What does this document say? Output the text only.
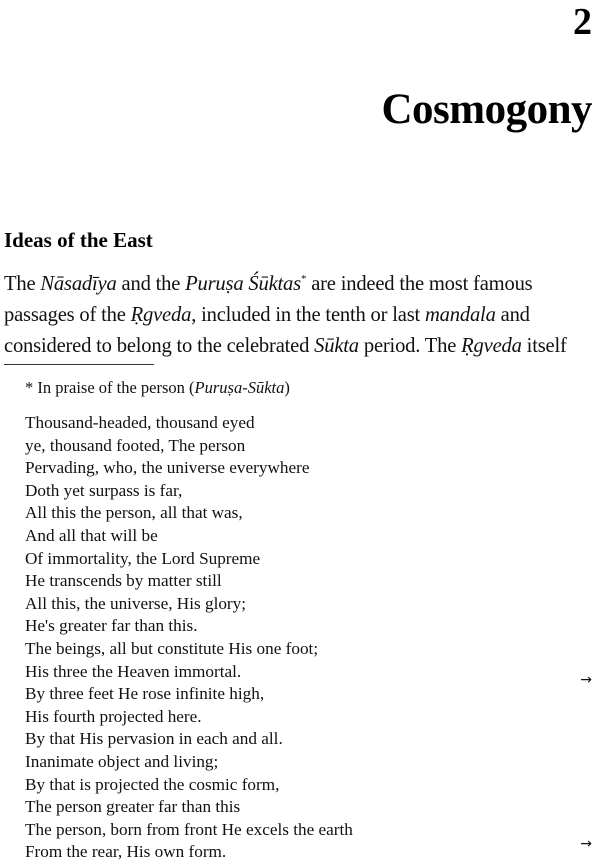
2
Cosmogony
Ideas of the East
The Nāsadīya and the Puruṣa Śūktas* are indeed the most famous
passages of the Ṛgveda, included in the tenth or last mandala and
considered to belong to the celebrated Sūkta period. The Ṛgveda itself
* In praise of the person (Puruṣa-Sūkta)
Thousand-headed, thousand eyed
ye, thousand footed, The person
Pervading, who, the universe everywhere
Doth yet surpass is far,
All this the person, all that was,
And all that will be
Of immortality, the Lord Supreme
He transcends by matter still
All this, the universe, His glory;
He's greater far than this.
The beings, all but constitute His one foot;
His three the Heaven immortal.
By three feet He rose infinite high,
His fourth projected here.
By that His pervasion in each and all.
Inanimate object and living;
By that is projected the cosmic form,
The person greater far than this
The person, born from front He excels the earth
From the rear, His own form.
→
→
